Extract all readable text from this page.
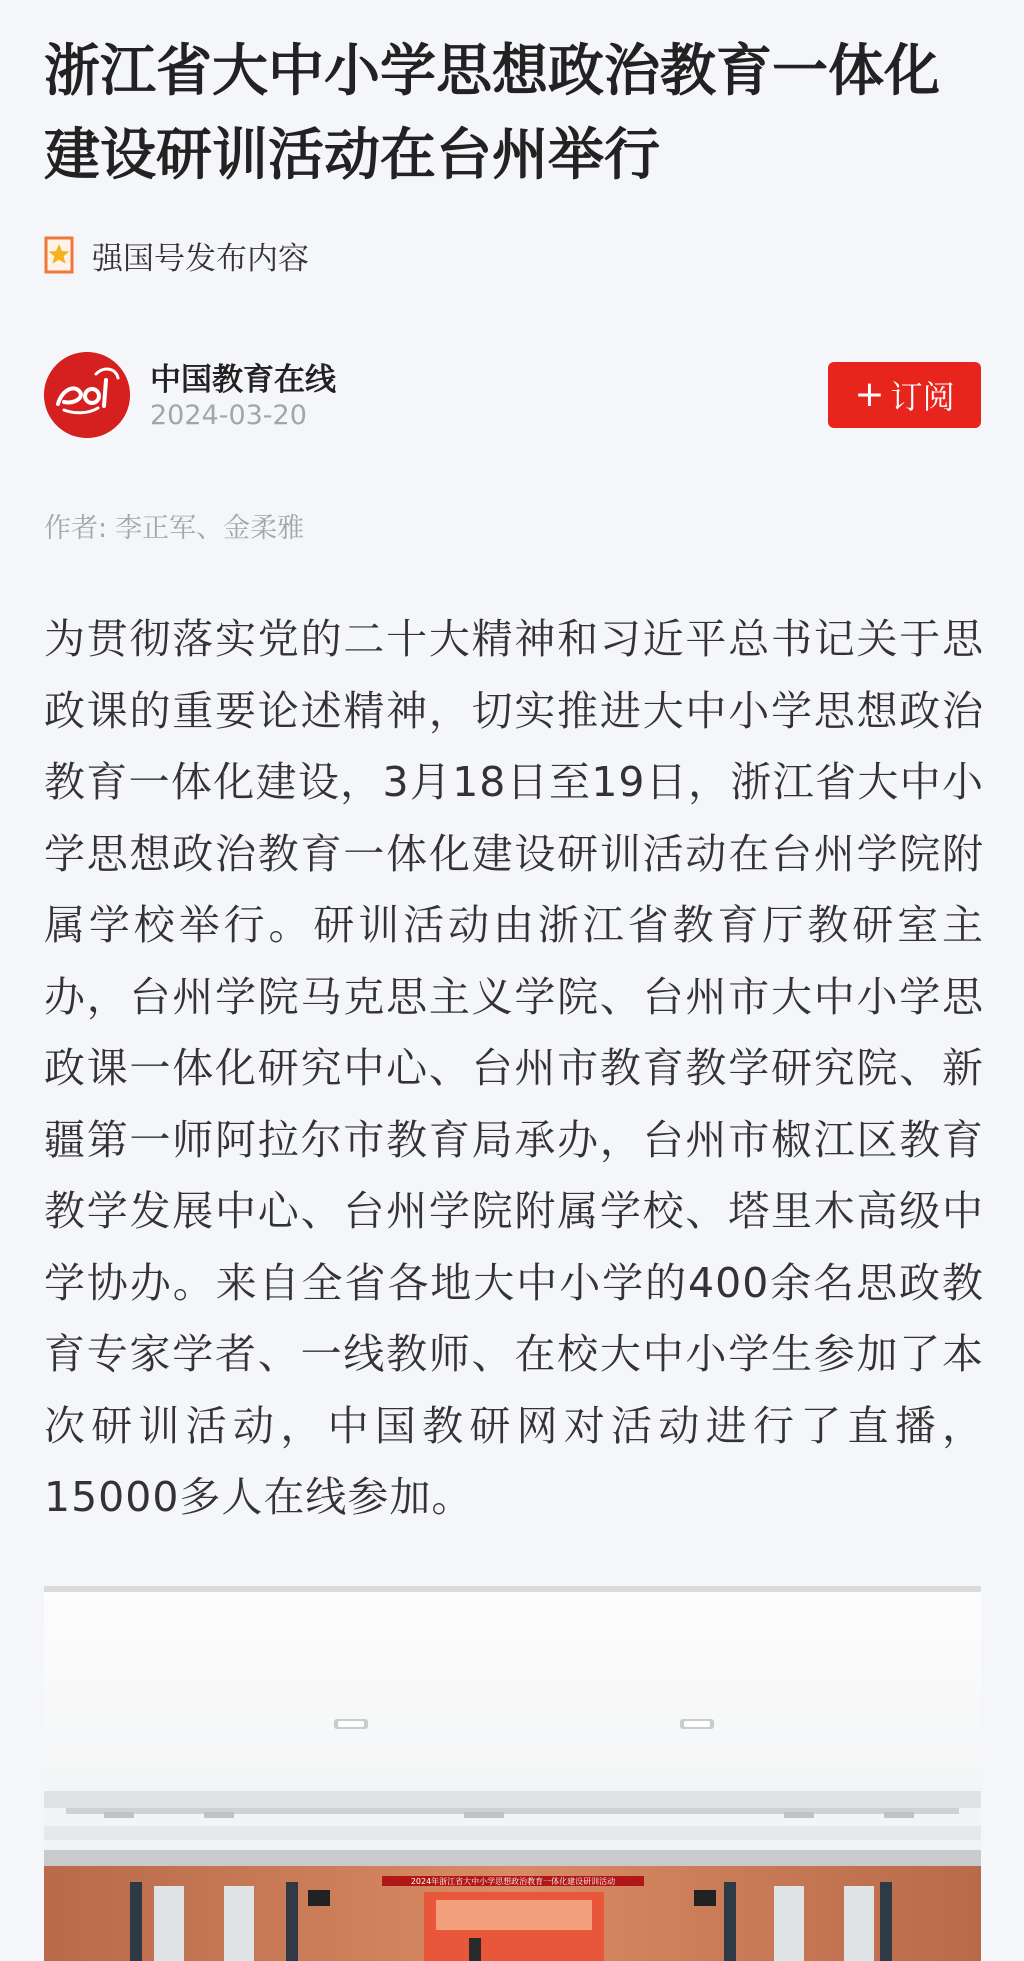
浙江省大中小学思想政治教育一体化建设研训活动在台州举行
强国号发布内容
中国教育在线
2024-03-20
+ 订阅
作者: 李正军、金柔雅

为贯彻落实党的二十大精神和习近平总书记关于思政课的重要论述精神，切实推进大中小学思想政治教育一体化建设，3月18日至19日，浙江省大中小学思想政治教育一体化建设研训活动在台州学院附属学校举行。研训活动由浙江省教育厅教研室主办，台州学院马克思主义学院、台州市大中小学思政课一体化研究中心、台州市教育教学研究院、新疆第一师阿拉尔市教育局承办，台州市椒江区教育教学发展中心、台州学院附属学校、塔里木高级中学协办。来自全省各地大中小学的400余名思政教育专家学者、一线教师、在校大中小学生参加了本次研训活动，中国教研网对活动进行了直播，15000多人在线参加。

2024年浙江省大中小学思想政治教育一体化建设研训活动
